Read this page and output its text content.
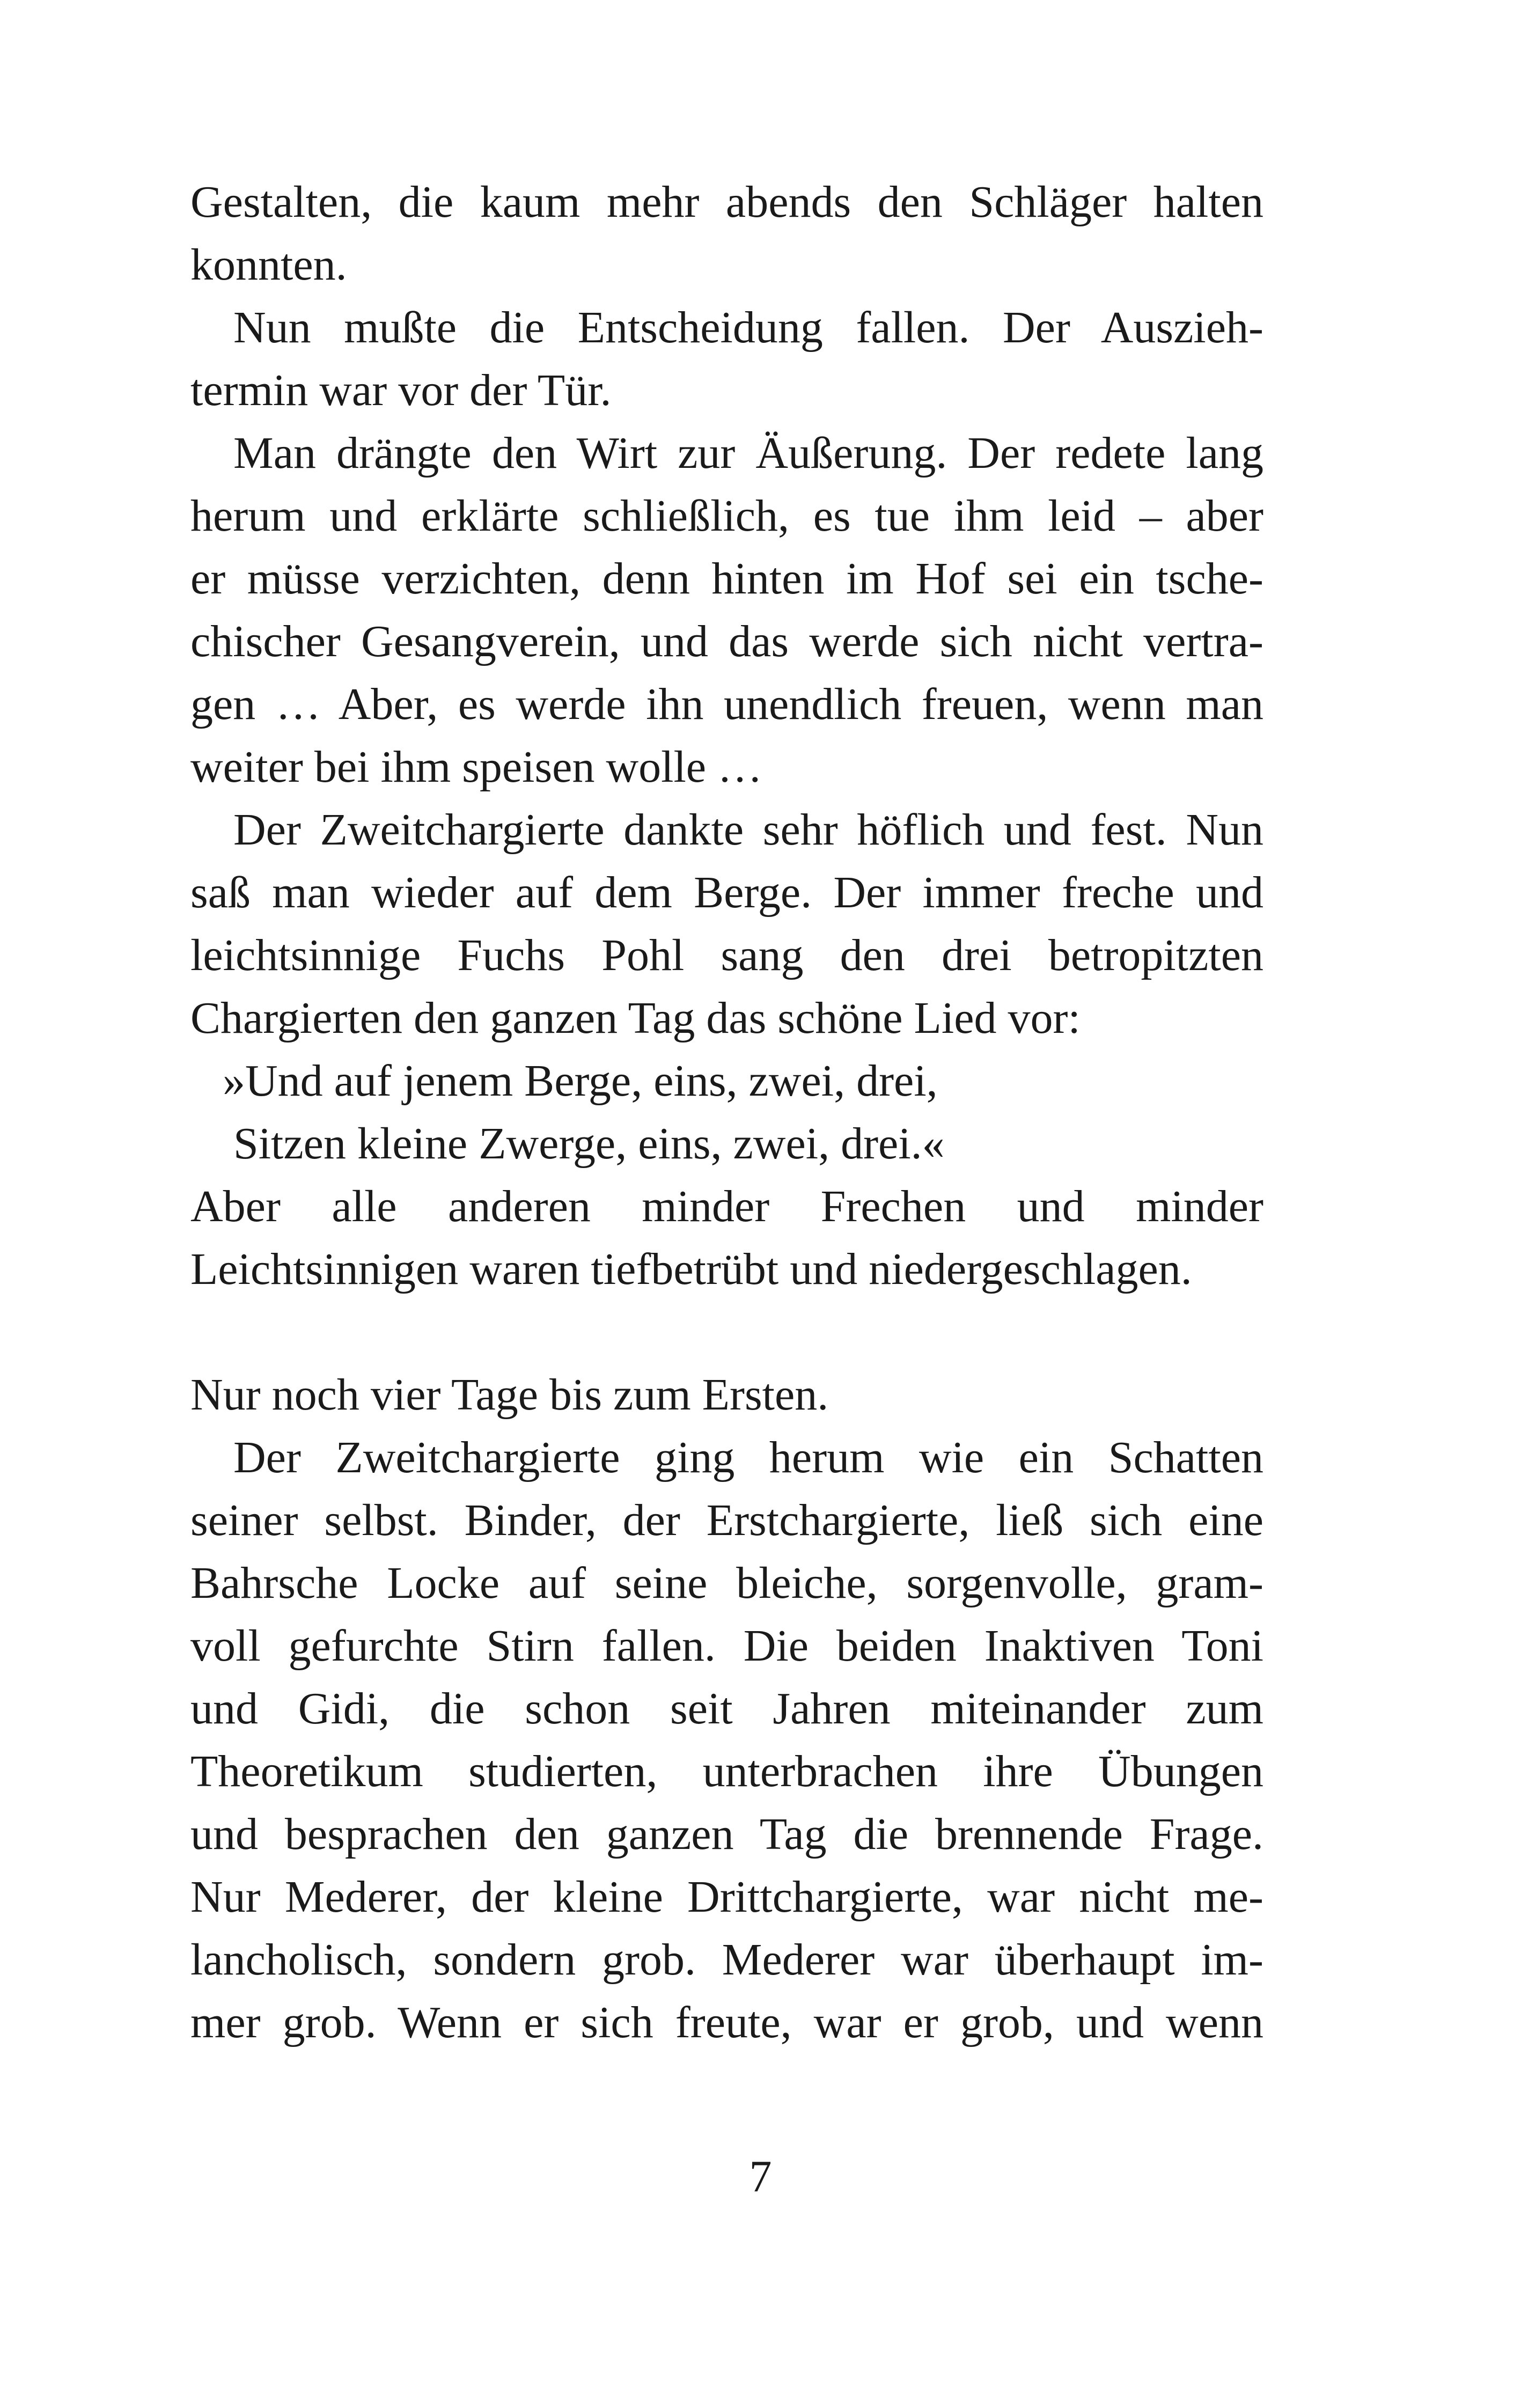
Gestalten, die kaum mehr abends den Schläger halten
konnten.
Nun mußte die Entscheidung fallen. Der Auszieh-
termin war vor der Tür.
Man drängte den Wirt zur Äußerung. Der redete lang
herum und erklärte schließlich, es tue ihm leid – aber
er müsse verzichten, denn hinten im Hof sei ein tsche-
chischer Gesangverein, und das werde sich nicht vertra-
gen … Aber, es werde ihn unendlich freuen, wenn man
weiter bei ihm speisen wolle …
Der Zweitchargierte dankte sehr höflich und fest. Nun
saß man wieder auf dem Berge. Der immer freche und
leichtsinnige Fuchs Pohl sang den drei betropitzten
Chargierten den ganzen Tag das schöne Lied vor:
»Und auf jenem Berge, eins, zwei, drei,
Sitzen kleine Zwerge, eins, zwei, drei.«
Aber alle anderen minder Frechen und minder
Leichtsinnigen waren tiefbetrübt und niedergeschlagen.
Nur noch vier Tage bis zum Ersten.
Der Zweitchargierte ging herum wie ein Schatten
seiner selbst. Binder, der Erstchargierte, ließ sich eine
Bahrsche Locke auf seine bleiche, sorgenvolle, gram-
voll gefurchte Stirn fallen. Die beiden Inaktiven Toni
und Gidi, die schon seit Jahren miteinander zum
Theoretikum studierten, unterbrachen ihre Übungen
und besprachen den ganzen Tag die brennende Frage.
Nur Mederer, der kleine Drittchargierte, war nicht me-
lancholisch, sondern grob. Mederer war überhaupt im-
mer grob. Wenn er sich freute, war er grob, und wenn
7
